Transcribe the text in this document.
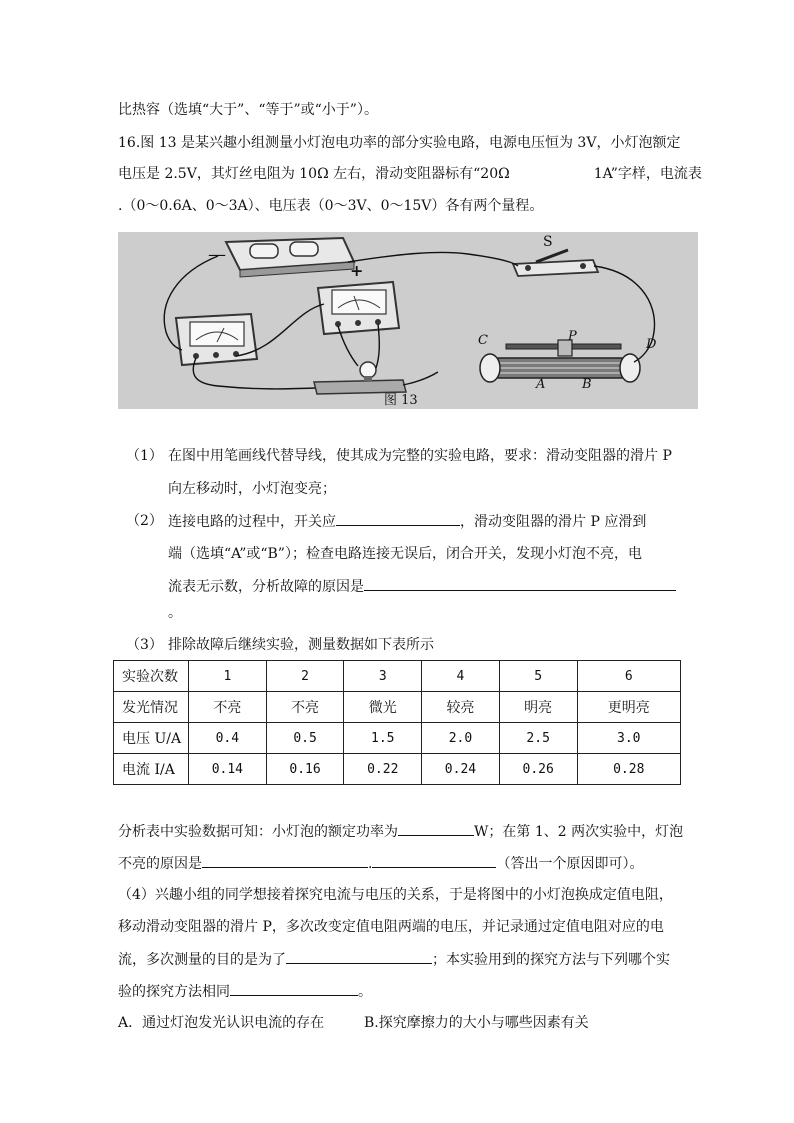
比热容（选填“大于”、“等于”或“小于”）。
16.图 13 是某兴趣小组测量小灯泡电功率的部分实验电路，电源电压恒为 3V，小灯泡额定
电压是 2.5V，其灯丝电阻为 10Ω 左右，滑动变阻器标有“20Ω	1A”字样，电流表
.（0～0.6A、0～3A）、电压表（0～3V、0～15V）各有两个量程。
—
+
S
C	P
D
A	B
图 13
（1） 在图中用笔画线代替导线，使其成为完整的实验电路，要求：滑动变阻器的滑片 P
向左移动时，小灯泡变亮；
（2） 连接电路的过程中，开关应	，滑动变阻器的滑片 P 应滑到
端（选填“A”或“B”）；检查电路连接无误后，闭合开关，发现小灯泡不亮，电
流表无示数，分析故障的原因是
。
（3） 排除故障后继续实验，测量数据如下表所示
实验次数	1	2	3	4	5	6
发光情况	不亮	不亮	微光	较亮	明亮	更明亮
电压 U/A	0.4	0.5	1.5	2.0	2.5	3.0
电流 I/A	0.14	0.16	0.22	0.24	0.26	0.28
分析表中实验数据可知：小灯泡的额定功率为	W；在第 1、2 两次实验中，灯泡
不亮的原因是	.	（答出一个原因即可）。
（4）兴趣小组的同学想接着探究电流与电压的关系，于是将图中的小灯泡换成定值电阻，
移动滑动变阻器的滑片 P，多次改变定值电阻两端的电压，并记录通过定值电阻对应的电
流，多次测量的目的是为了	；本实验用到的探究方法与下列哪个实
验的探究方法相同	。
A．通过灯泡发光认识电流的存在	B.探究摩擦力的大小与哪些因素有关
